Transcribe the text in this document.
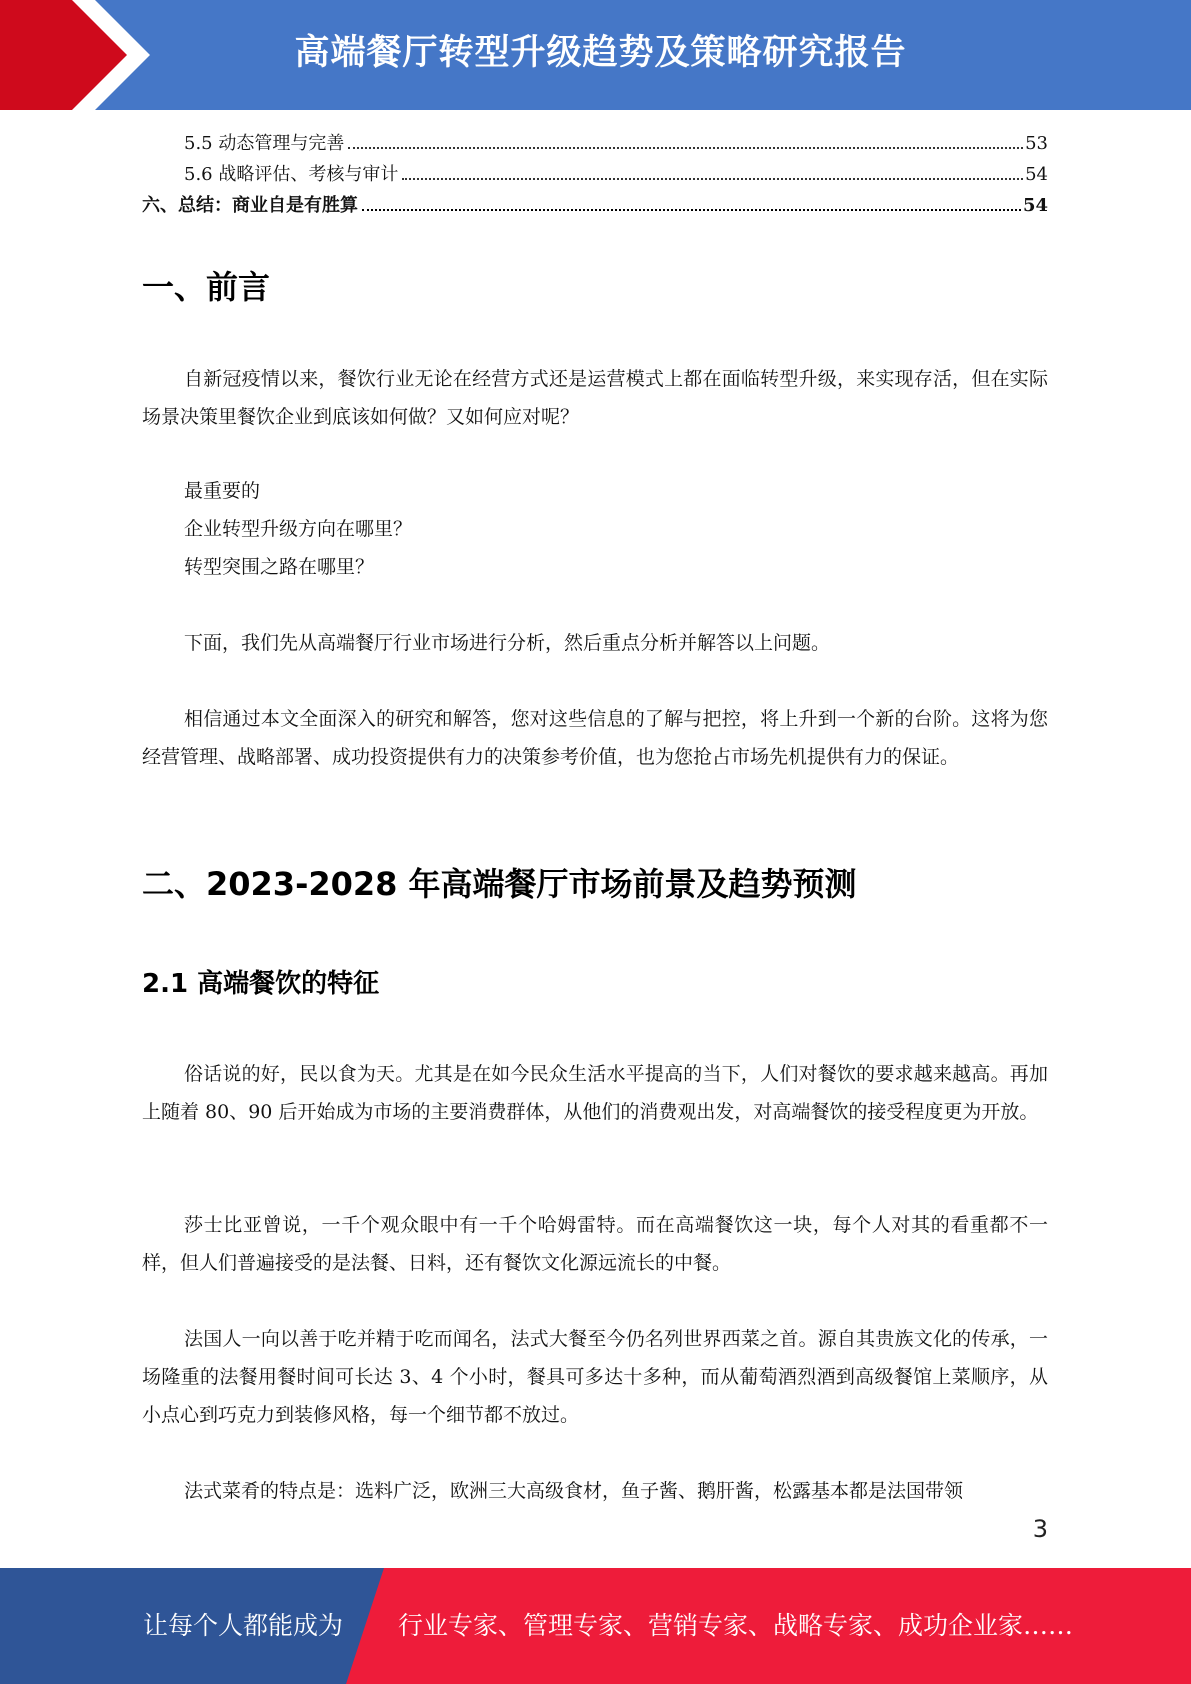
高端餐厅转型升级趋势及策略研究报告
5.5 动态管理与完善	53
5.6 战略评估、考核与审计	54
六、总结：商业自是有胜算	54
一、前言
自新冠疫情以来，餐饮行业无论在经营方式还是运营模式上都在面临转型升级，来实现存活，但在实际场景决策里餐饮企业到底该如何做？又如何应对呢？
最重要的
企业转型升级方向在哪里？
转型突围之路在哪里？
下面，我们先从高端餐厅行业市场进行分析，然后重点分析并解答以上问题。
相信通过本文全面深入的研究和解答，您对这些信息的了解与把控，将上升到一个新的台阶。这将为您经营管理、战略部署、成功投资提供有力的决策参考价值，也为您抢占市场先机提供有力的保证。
二、2023-2028 年高端餐厅市场前景及趋势预测
2.1 高端餐饮的特征
俗话说的好，民以食为天。尤其是在如今民众生活水平提高的当下，人们对餐饮的要求越来越高。再加上随着 80、90 后开始成为市场的主要消费群体，从他们的消费观出发，对高端餐饮的接受程度更为开放。
莎士比亚曾说，一千个观众眼中有一千个哈姆雷特。而在高端餐饮这一块，每个人对其的看重都不一样，但人们普遍接受的是法餐、日料，还有餐饮文化源远流长的中餐。
法国人一向以善于吃并精于吃而闻名，法式大餐至今仍名列世界西菜之首。源自其贵族文化的传承，一场隆重的法餐用餐时间可长达 3、4 个小时，餐具可多达十多种，而从葡萄酒烈酒到高级餐馆上菜顺序，从小点心到巧克力到装修风格，每一个细节都不放过。
法式菜肴的特点是：选料广泛，欧洲三大高级食材，鱼子酱、鹅肝酱，松露基本都是法国带领
3
让每个人都能成为 行业专家、管理专家、营销专家、战略专家、成功企业家……
